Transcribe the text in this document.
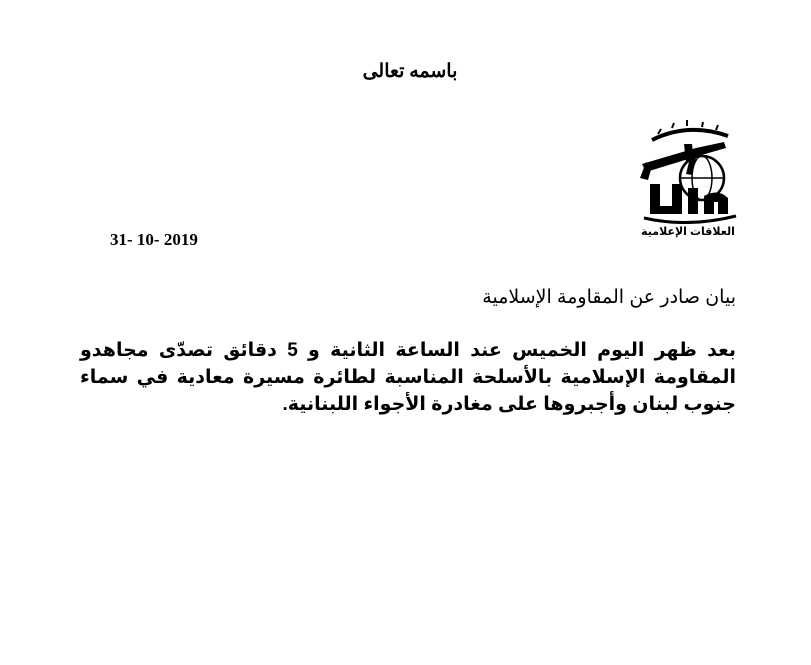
باسمه تعالى
العلاقات الإعلامية
31- 10- 2019
بيان صادر عن المقاومة الإسلامية
بعد ظهر اليوم الخميس عند الساعة الثانية و 5 دقائق تصدّى مجاهدو المقاومة الإسلامية بالأسلحة المناسبة لطائرة مسيرة معادية في سماء جنوب لبنان وأجبروها على مغادرة الأجواء اللبنانية.
